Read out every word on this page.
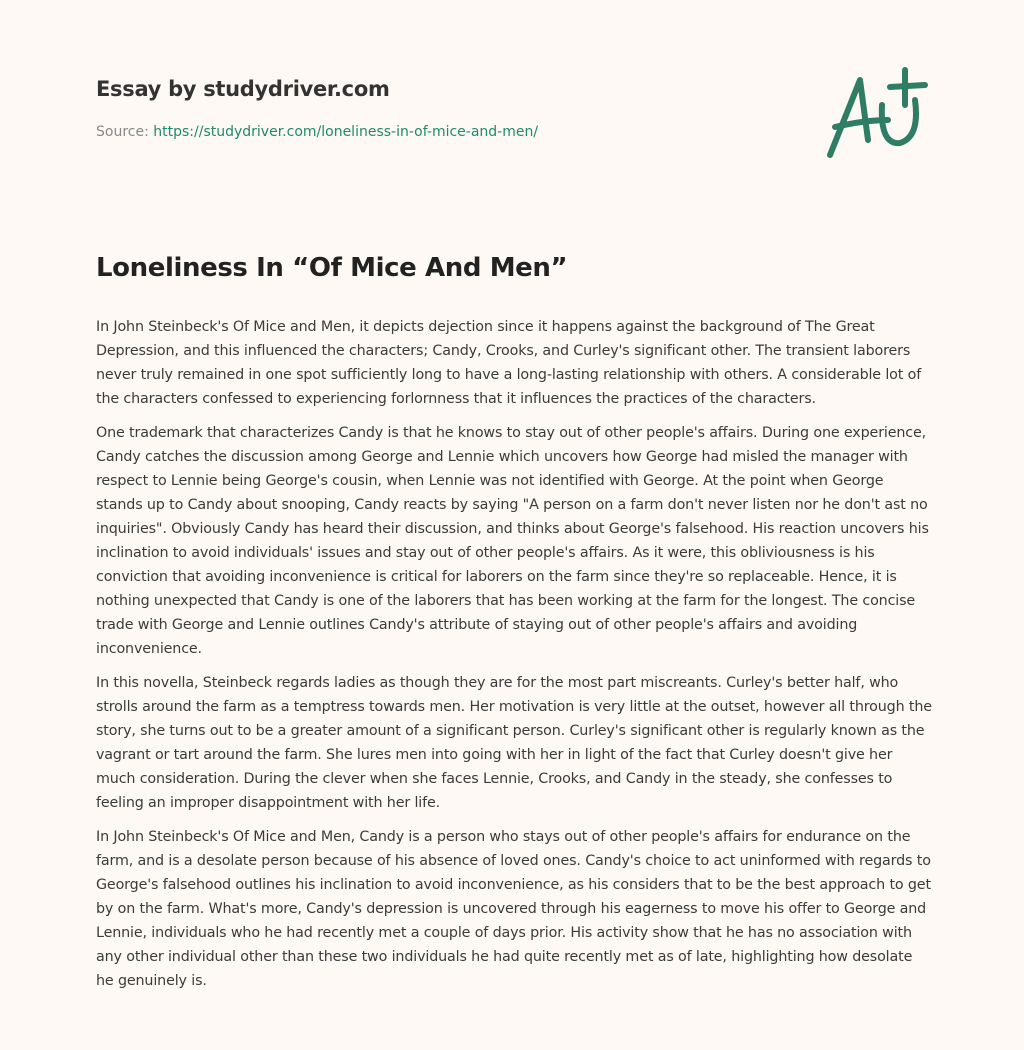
Essay by studydriver.com
Source: https://studydriver.com/loneliness-in-of-mice-and-men/
Loneliness In “Of Mice And Men”

In John Steinbeck's Of Mice and Men, it depicts dejection since it happens against the background of The Great Depression, and this influenced the characters; Candy, Crooks, and Curley's significant other. The transient laborers never truly remained in one spot sufficiently long to have a long-lasting relationship with others. A considerable lot of the characters confessed to experiencing forlornness that it influences the practices of the characters.

One trademark that characterizes Candy is that he knows to stay out of other people's affairs. During one experience, Candy catches the discussion among George and Lennie which uncovers how George had misled the manager with respect to Lennie being George's cousin, when Lennie was not identified with George. At the point when George stands up to Candy about snooping, Candy reacts by saying "A person on a farm don't never listen nor he don't ast no inquiries". Obviously Candy has heard their discussion, and thinks about George's falsehood. His reaction uncovers his inclination to avoid individuals' issues and stay out of other people's affairs. As it were, this obliviousness is his conviction that avoiding inconvenience is critical for laborers on the farm since they're so replaceable. Hence, it is nothing unexpected that Candy is one of the laborers that has been working at the farm for the longest. The concise trade with George and Lennie outlines Candy's attribute of staying out of other people's affairs and avoiding inconvenience.

In this novella, Steinbeck regards ladies as though they are for the most part miscreants. Curley's better half, who strolls around the farm as a temptress towards men. Her motivation is very little at the outset, however all through the story, she turns out to be a greater amount of a significant person. Curley's significant other is regularly known as the vagrant or tart around the farm. She lures men into going with her in light of the fact that Curley doesn't give her much consideration. During the clever when she faces Lennie, Crooks, and Candy in the steady, she confesses to feeling an improper disappointment with her life.

In John Steinbeck's Of Mice and Men, Candy is a person who stays out of other people's affairs for endurance on the farm, and is a desolate person because of his absence of loved ones. Candy's choice to act uninformed with regards to George's falsehood outlines his inclination to avoid inconvenience, as his considers that to be the best approach to get by on the farm. What's more, Candy's depression is uncovered through his eagerness to move his offer to George and Lennie, individuals who he had recently met a couple of days prior. His activity show that he has no association with any other individual other than these two individuals he had quite recently met as of late, highlighting how desolate he genuinely is.
